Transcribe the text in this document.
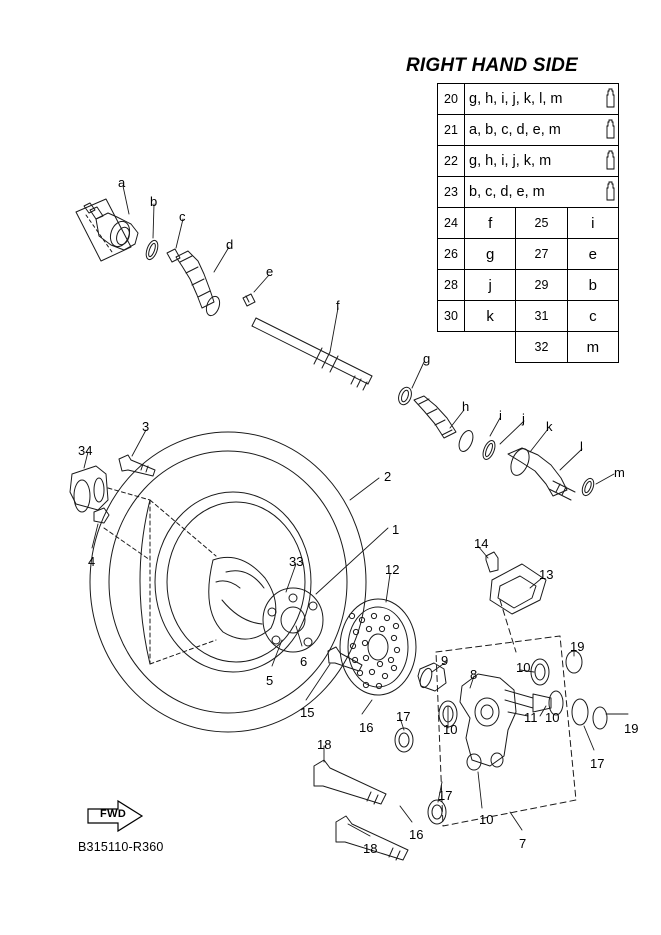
RIGHT HAND SIDE
20	g, h, i, j, k, l, m		

21	a, b, c, d, e, m		

22	g, h, i, j, k, m		

23	b, c, d, e, m		

24	f	25	i
26	g	27	e
28	j	29	b
30	k	31	c
		32	m
a
b
c
d
e
f
g
h
i j
k
l
m
1
2
3
34
4	33
5
6
12
15
16
18
16
18
17
17
17
9
8	10
10
10
10
11
7
13
14
19
19
FWD
B315110-R360
